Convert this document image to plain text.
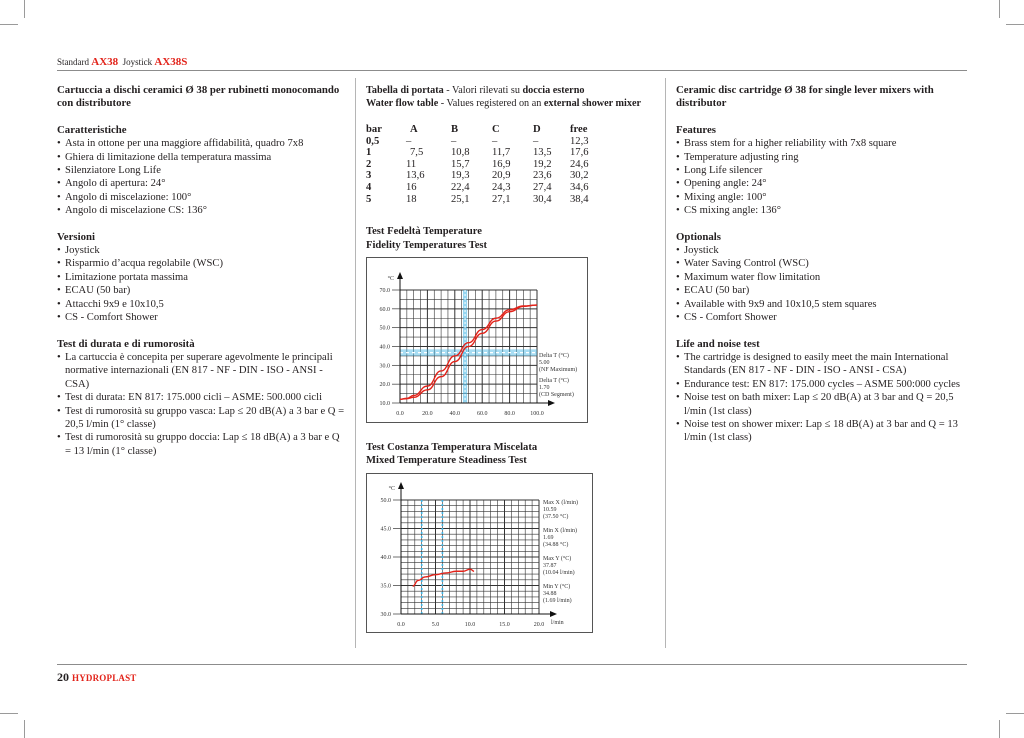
Standard AX38 Joystick AX38S
Cartuccia a dischi ceramici Ø 38 per rubinetti monocomando con distributore
Caratteristiche
• Asta in ottone per una maggiore affidabilità, quadro 7x8
• Ghiera di limitazione della temperatura massima
• Silenziatore Long Life
• Angolo di apertura: 24°
• Angolo di miscelazione: 100°
• Angolo di miscelazione CS: 136°
Versioni
• Joystick
• Risparmio d’acqua regolabile (WSC)
• Limitazione portata massima
• ECAU (50 bar)
• Attacchi 9x9 e 10x10,5
• CS - Comfort Shower
Test di durata e di rumorosità
• La cartuccia è concepita per superare agevolmente le principali normative internazionali (EN 817 - NF - DIN - ISO - ANSI - CSA)
• Test di durata: EN 817: 175.000 cicli – ASME: 500.000 cicli
• Test di rumorosità su gruppo vasca: Lap ≤ 20 dB(A) a 3 bar e Q = 20,5 l/min (1° classe)
• Test di rumorosità su gruppo doccia: Lap ≤ 18 dB(A) a 3 bar e Q = 13 l/min (1° classe)
Tabella di portata - Valori rilevati su doccia esterno
Water flow table - Values registered on an external shower mixer
bar	A	B	C	D	free
0,5	–	–	–	–	12,3
1	7,5	10,8	11,7	13,5	17,6
2	11	15,7	16,9	19,2	24,6
3	13,6	19,3	20,9	23,6	30,2
4	16	22,4	24,3	27,4	34,6
5	18	25,1	27,1	30,4	38,4
Test Fedeltà Temperature
Fidelity Temperatures Test
°C
0.0	20.0	40.0	60.0	80.0	100.0
10.0
20.0
30.0
40.0
50.0
60.0
70.0
Delta T (°C)
5.00
(NF Maximum)
Delta T (°C)
1.70
(CD Segment)
Test Costanza Temperatura Miscelata
Mixed Temperature Steadiness Test
°C
l/min
0.0	5.0	10.0	15.0	20.0
30.0
35.0
40.0
45.0
50.0	Max X (l/min)
10.59
(37.50 °C)
Min X (l/min)
1.69
(34.88 °C)
Max Y (°C)
37.87
(10.04 l/min)
Min Y (°C)
34.88
(1.69 l/min)
Ceramic disc cartridge Ø 38 for single lever mixers with distributor
Features
• Brass stem for a higher reliability with 7x8 square
• Temperature adjusting ring
• Long Life silencer
• Opening angle: 24°
• Mixing angle: 100°
• CS mixing angle: 136°
Optionals
• Joystick
• Water Saving Control (WSC)
• Maximum water flow limitation
• ECAU (50 bar)
• Available with 9x9 and 10x10,5 stem squares
• CS - Comfort Shower
Life and noise test
• The cartridge is designed to easily meet the main International Standards (EN 817 - NF - DIN - ISO - ANSI - CSA)
• Endurance test: EN 817: 175.000 cycles – ASME 500:000 cycles
• Noise test on bath mixer: Lap ≤ 20 dB(A) at 3 bar and Q = 20,5 l/min (1st class)
• Noise test on shower mixer: Lap ≤ 18 dB(A) at 3 bar and Q = 13 l/min (1st class)
20 HYDROPLAST
